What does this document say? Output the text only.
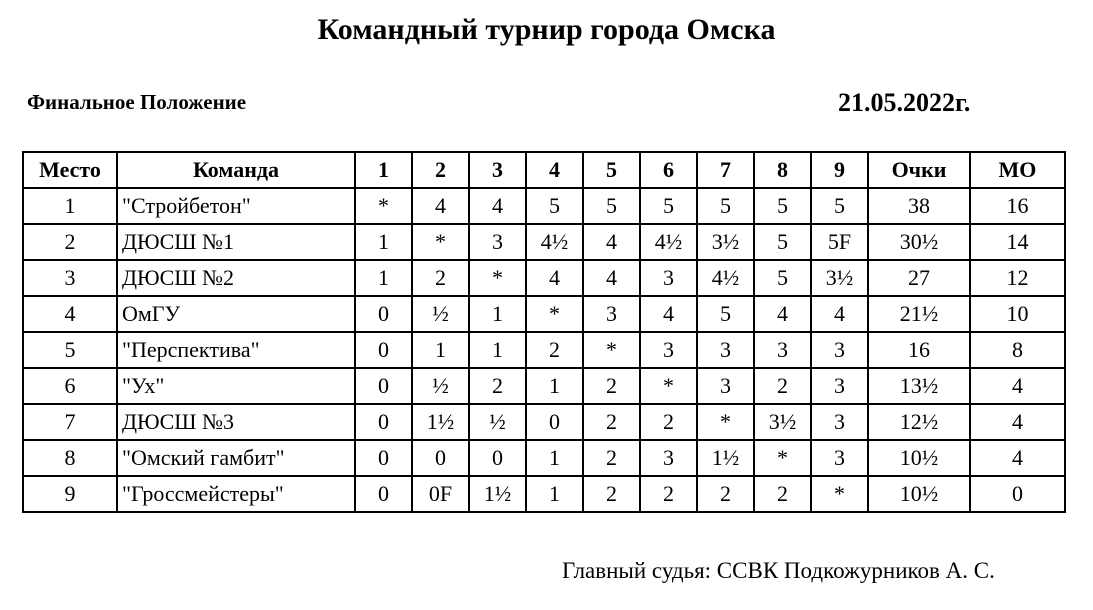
Командный турнир города Омска
Финальное Положение	21.05.2022г.
Место	Команда	1	2	3	4	5	6	7	8	9	Очки	МО
1	"Стройбетон"	*	4	4	5	5	5	5	5	5	38	16
2	ДЮСШ №1	1	*	3	4½	4	4½	3½	5	5F	30½	14
3	ДЮСШ №2	1	2	*	4	4	3	4½	5	3½	27	12
4	ОмГУ	0	½	1	*	3	4	5	4	4	21½	10
5	"Перспектива"	0	1	1	2	*	3	3	3	3	16	8
6	"Ух"	0	½	2	1	2	*	3	2	3	13½	4
7	ДЮСШ №3	0	1½	½	0	2	2	*	3½	3	12½	4
8	"Омский гамбит"	0	0	0	1	2	3	1½	*	3	10½	4
9	"Гроссмейстеры"	0	0F	1½	1	2	2	2	2	*	10½	0
Главный судья: ССВК Подкожурников А. С.
